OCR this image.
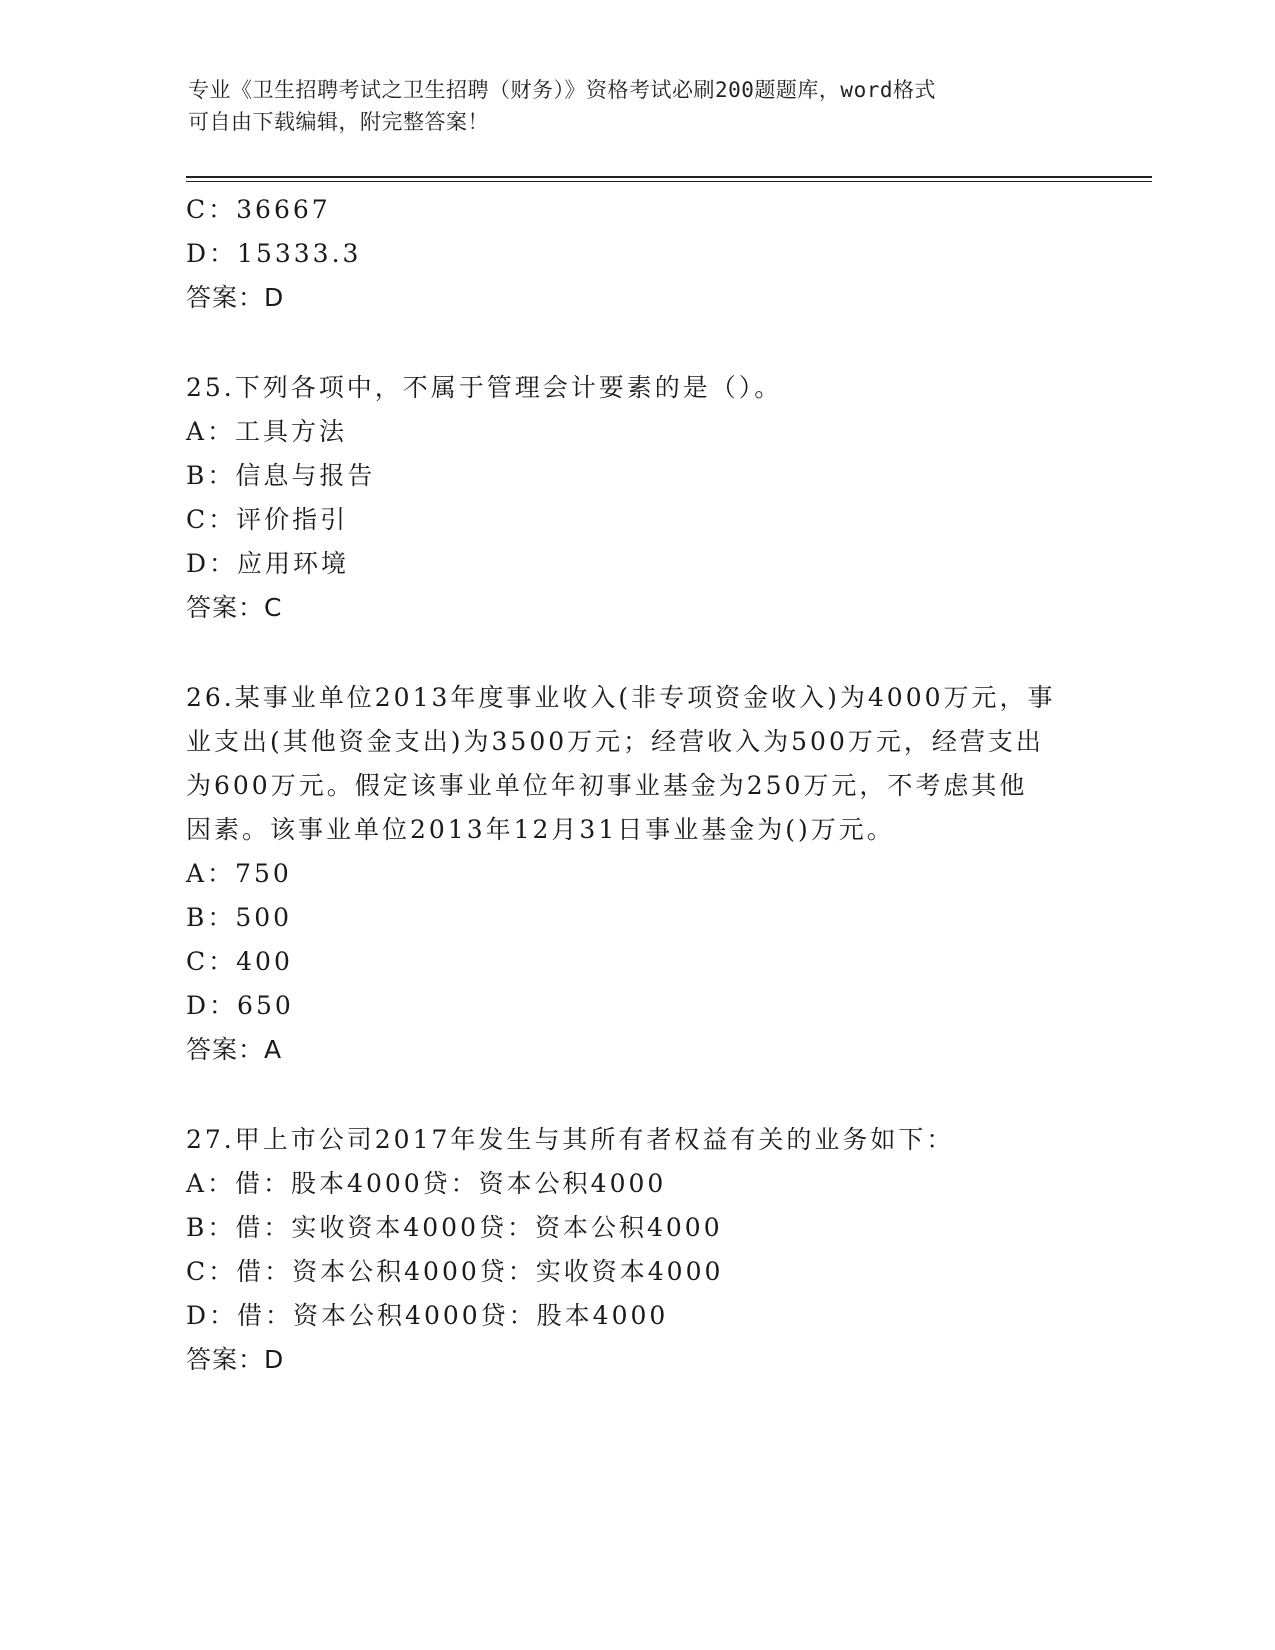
专业《卫生招聘考试之卫生招聘（财务）》资格考试必刷200题题库，word格式
可自由下载编辑，附完整答案！
C：36667
D：15333.3
答案：D
25.下列各项中，不属于管理会计要素的是（）。
A：工具方法
B：信息与报告
C：评价指引
D：应用环境
答案：C
26.某事业单位2013年度事业收入(非专项资金收入)为4000万元，事
业支出(其他资金支出)为3500万元；经营收入为500万元，经营支出
为600万元。假定该事业单位年初事业基金为250万元，不考虑其他
因素。该事业单位2013年12月31日事业基金为()万元。
A：750
B：500
C：400
D：650
答案：A
27.甲上市公司2017年发生与其所有者权益有关的业务如下：
A：借：股本4000贷：资本公积4000
B：借：实收资本4000贷：资本公积4000
C：借：资本公积4000贷：实收资本4000
D：借：资本公积4000贷：股本4000
答案：D
